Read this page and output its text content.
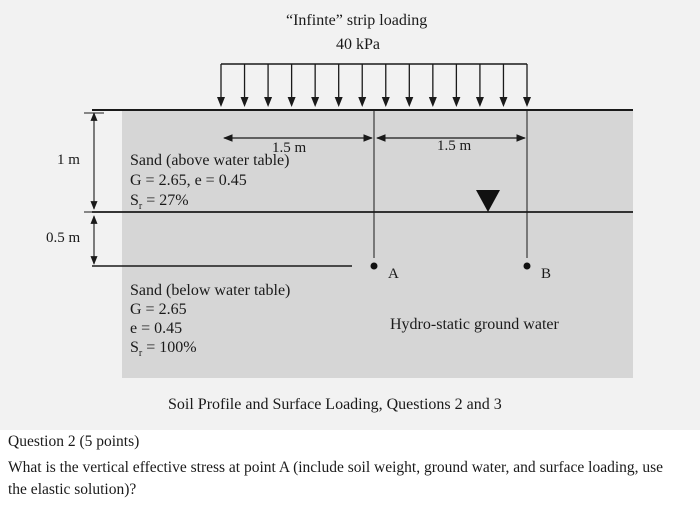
“Infinte” strip loading
40 kPa
1 m
0.5 m
1.5 m	1.5 m
Sand (above water table)
G = 2.65, e = 0.45
$S_r = 27\%$
Sand (below water table)
G = 2.65
e = 0.45
$S_r = 100\%$
A	B
Hydro-static ground water
Soil Profile and Surface Loading, Questions 2 and 3
Question 2 (5 points)
What is the vertical effective stress at point A (include soil weight, ground water, and surface loading, use the elastic solution)?
